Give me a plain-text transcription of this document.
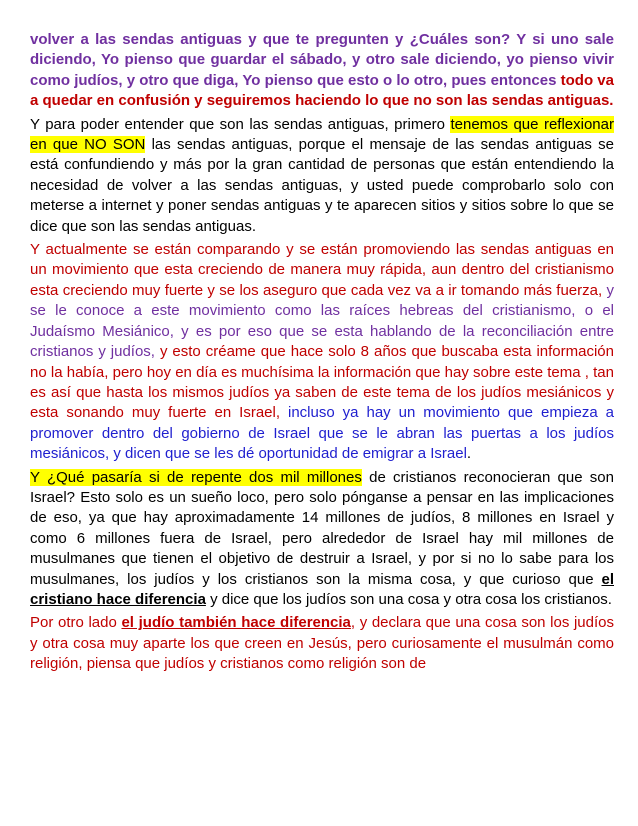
volver a las sendas antiguas y que te pregunten y ¿Cuáles son? Y si uno sale diciendo, Yo pienso que guardar el sábado, y otro sale diciendo, yo pienso vivir como judíos, y otro que diga, Yo pienso que esto o lo otro, pues entonces todo va a quedar en confusión y seguiremos haciendo lo que no son las sendas antiguas.

Y para poder entender que son las sendas antiguas, primero tenemos que reflexionar en que NO SON las sendas antiguas, porque el mensaje de las sendas antiguas se está confundiendo y más por la gran cantidad de personas que están entendiendo la necesidad de volver a las sendas antiguas, y usted puede comprobarlo solo con meterse a internet y poner sendas antiguas y te aparecen sitios y sitios sobre lo que se dice que son las sendas antiguas.

Y actualmente se están comparando y se están promoviendo las sendas antiguas en un movimiento que esta creciendo de manera muy rápida, aun dentro del cristianismo esta creciendo muy fuerte y se los aseguro que cada vez va a ir tomando más fuerza, y se le conoce a este movimiento como las raíces hebreas del cristianismo, o el Judaísmo Mesiánico, y es por eso que se esta hablando de la reconciliación entre cristianos y judíos, y esto créame que hace solo 8 años que buscaba esta información no la había, pero hoy en día es muchísima la información que hay sobre este tema , tan es así que hasta los mismos judíos ya saben de este tema de los judíos mesiánicos y esta sonando muy fuerte en Israel, incluso ya hay un movimiento que empieza a promover dentro del gobierno de Israel que se le abran las puertas a los judíos mesiánicos, y dicen que se les dé oportunidad de emigrar a Israel.

Y ¿Qué pasaría si de repente dos mil millones de cristianos reconocieran que son Israel? Esto solo es un sueño loco, pero solo pónganse a pensar en las implicaciones de eso, ya que hay aproximadamente 14 millones de judíos, 8 millones en Israel y como 6 millones fuera de Israel, pero alrededor de Israel hay mil millones de musulmanes que tienen el objetivo de destruir a Israel, y por si no lo sabe para los musulmanes, los judíos y los cristianos son la misma cosa, y que curioso que el cristiano hace diferencia y dice que los judíos son una cosa y otra cosa los cristianos.

Por otro lado el judío también hace diferencia, y declara que una cosa son los judíos y otra cosa muy aparte los que creen en Jesús, pero curiosamente el musulmán como religión, piensa que judíos y cristianos como religión son de
